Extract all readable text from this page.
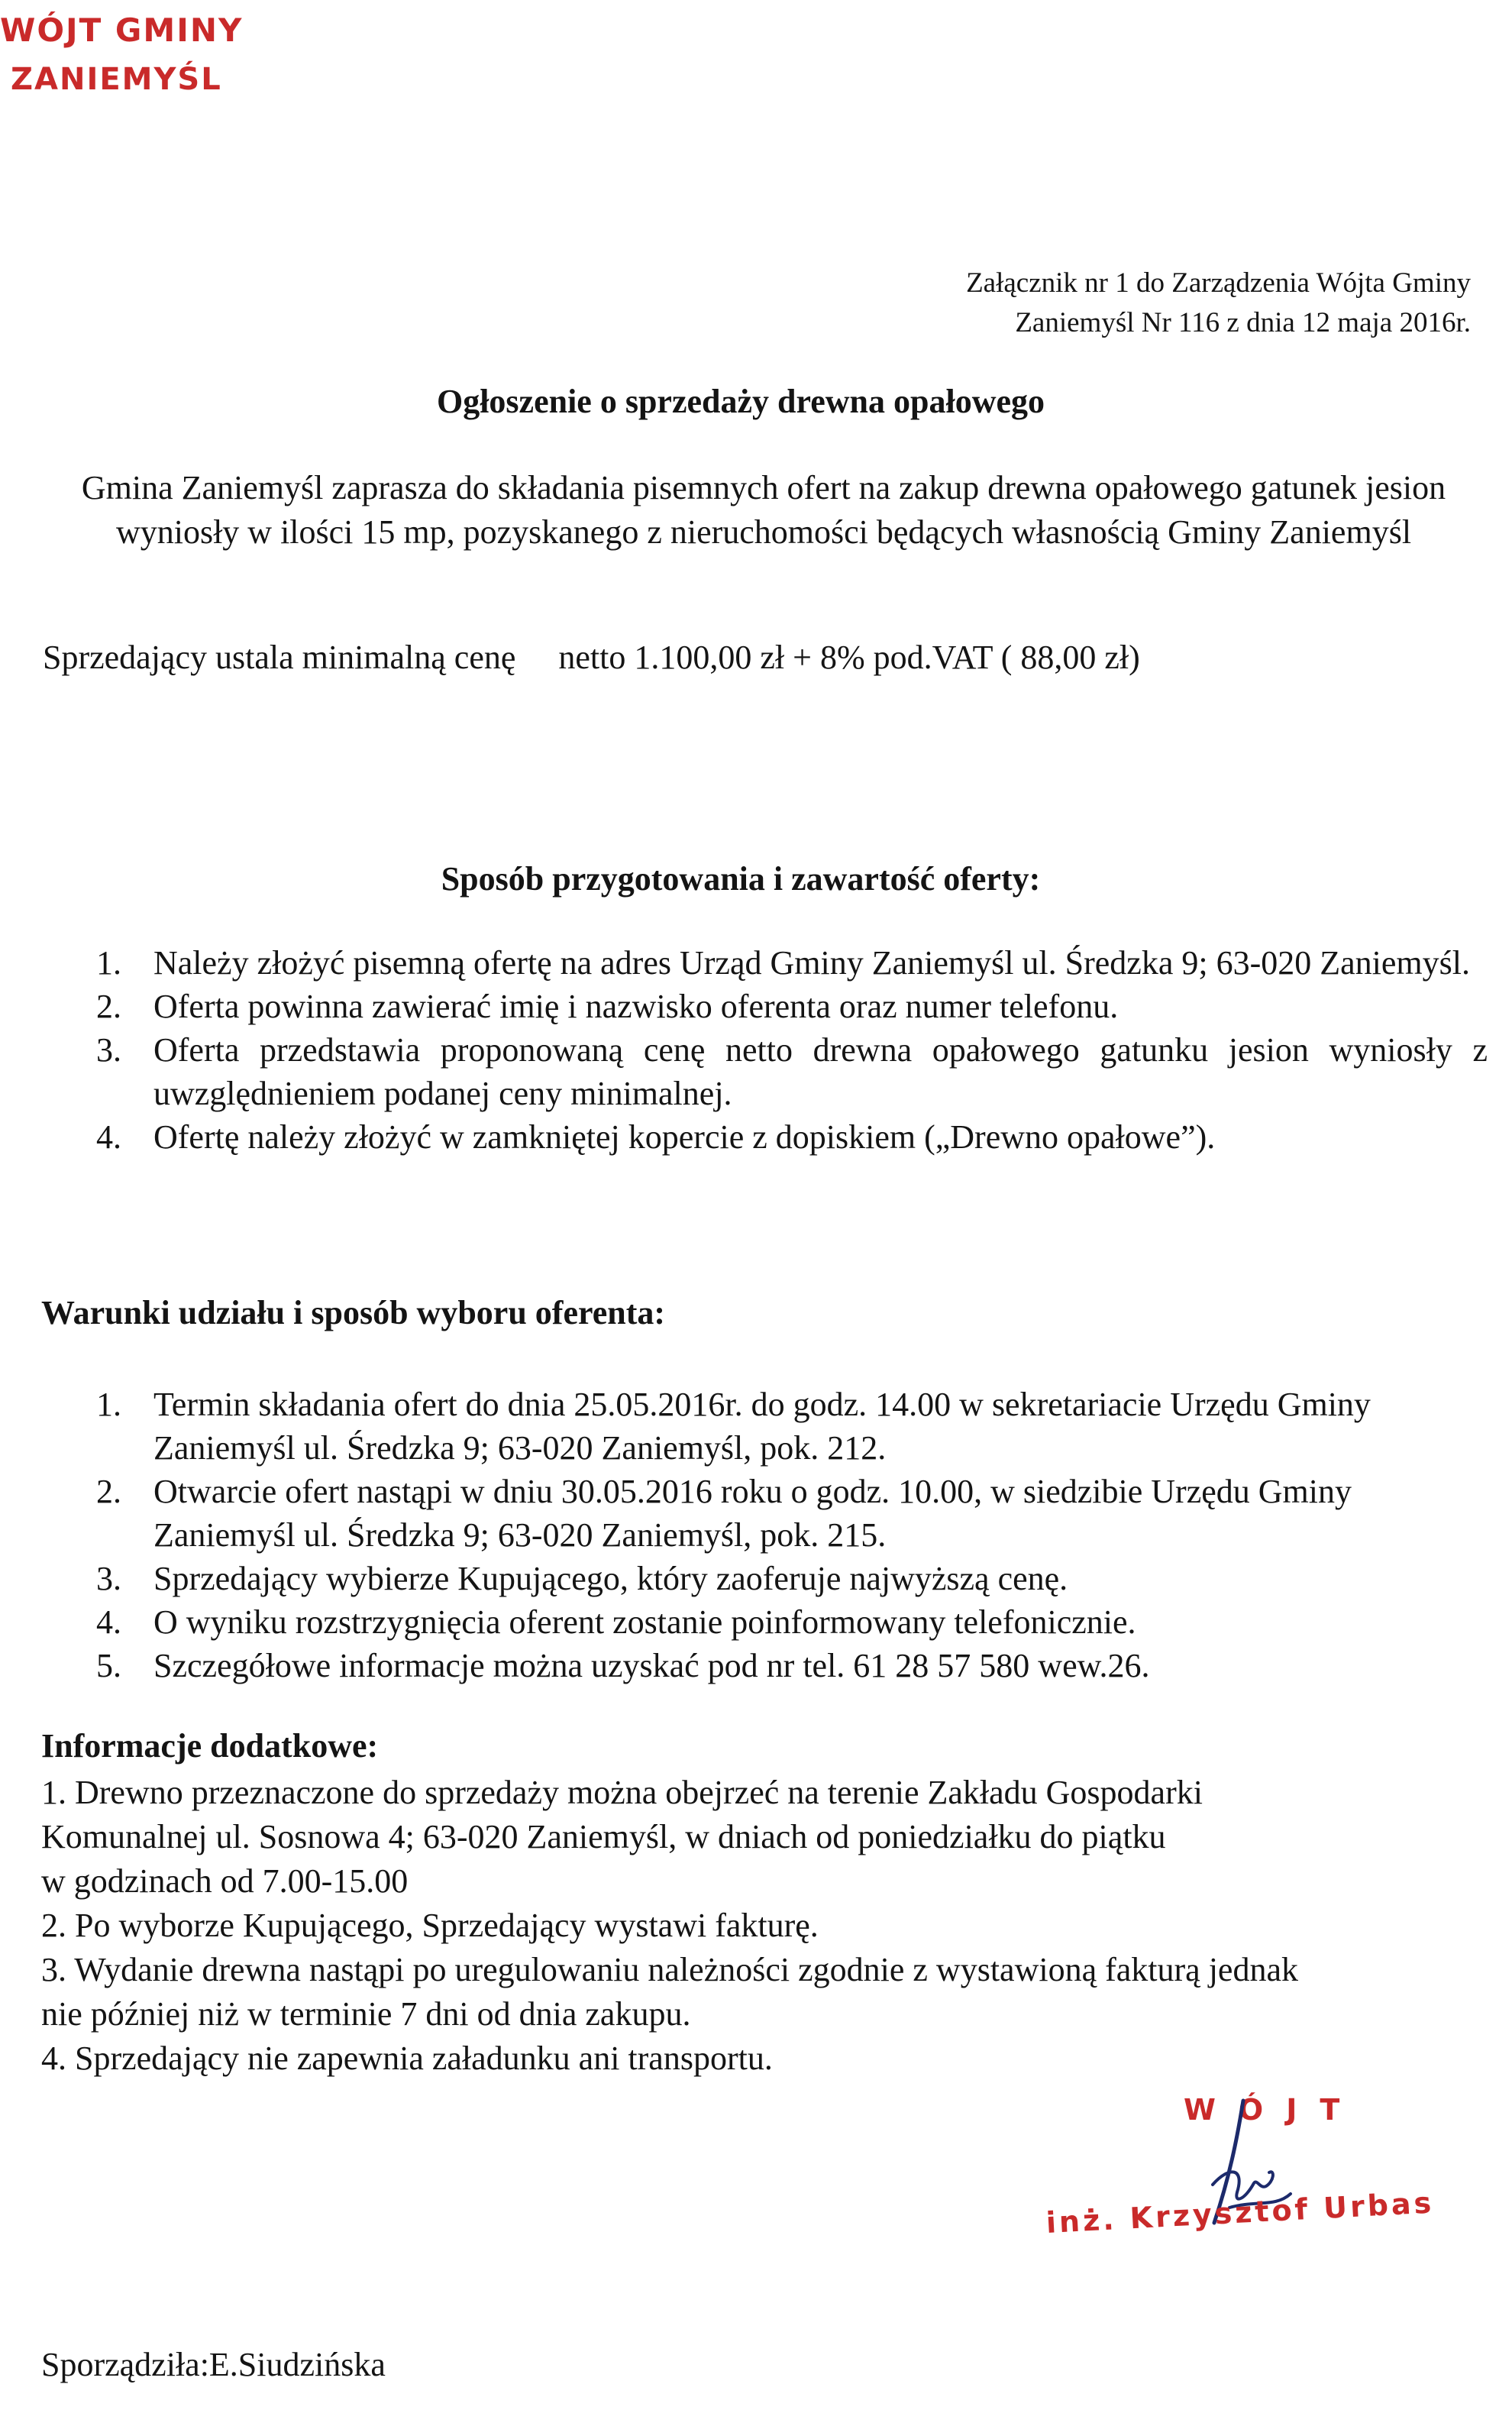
WÓJT GMINY
ZANIEMYŚL
Załącznik nr 1 do Zarządzenia Wójta Gminy
Zaniemyśl Nr 116 z dnia 12 maja 2016r.
Ogłoszenie o sprzedaży drewna opałowego
Gmina Zaniemyśl zaprasza do składania pisemnych ofert na zakup drewna opałowego gatunek jesion wyniosły w ilości 15 mp, pozyskanego z nieruchomości będących własnością Gminy Zaniemyśl
Sprzedający ustala minimalną cenę netto 1.100,00 zł + 8% pod.VAT ( 88,00 zł)
Sposób przygotowania i zawartość oferty:
1. Należy złożyć pisemną ofertę na adres Urząd Gminy Zaniemyśl ul. Średzka 9; 63-020 Zaniemyśl.
2. Oferta powinna zawierać imię i nazwisko oferenta oraz numer telefonu.
3. Oferta przedstawia proponowaną cenę netto drewna opałowego gatunku jesion wyniosły z uwzględnieniem podanej ceny minimalnej.
4. Ofertę należy złożyć w zamkniętej kopercie z dopiskiem („Drewno opałowe”).
Warunki udziału i sposób wyboru oferenta:
1. Termin składania ofert do dnia 25.05.2016r. do godz. 14.00 w sekretariacie Urzędu Gminy Zaniemyśl ul. Średzka 9; 63-020 Zaniemyśl, pok. 212.
2. Otwarcie ofert nastąpi w dniu 30.05.2016 roku o godz. 10.00, w siedzibie Urzędu Gminy Zaniemyśl ul. Średzka 9; 63-020 Zaniemyśl, pok. 215.
3. Sprzedający wybierze Kupującego, który zaoferuje najwyższą cenę.
4. O wyniku rozstrzygnięcia oferent zostanie poinformowany telefonicznie.
5. Szczegółowe informacje można uzyskać pod nr tel. 61 28 57 580 wew.26.
Informacje dodatkowe:

1. Drewno przeznaczone do sprzedaży można obejrzeć na terenie Zakładu Gospodarki

Komunalnej ul. Sosnowa 4; 63-020 Zaniemyśl, w dniach od poniedziałku do piątku

w godzinach od 7.00-15.00

2. Po wyborze Kupującego, Sprzedający wystawi fakturę.

3. Wydanie drewna nastąpi po uregulowaniu należności zgodnie z wystawioną fakturą jednak

nie później niż w terminie 7 dni od dnia zakupu.

4. Sprzedający nie zapewnia załadunku ani transportu.

WÓJT
inż. Krzysztof Urbas
Sporządziła:E.Siudzińska
